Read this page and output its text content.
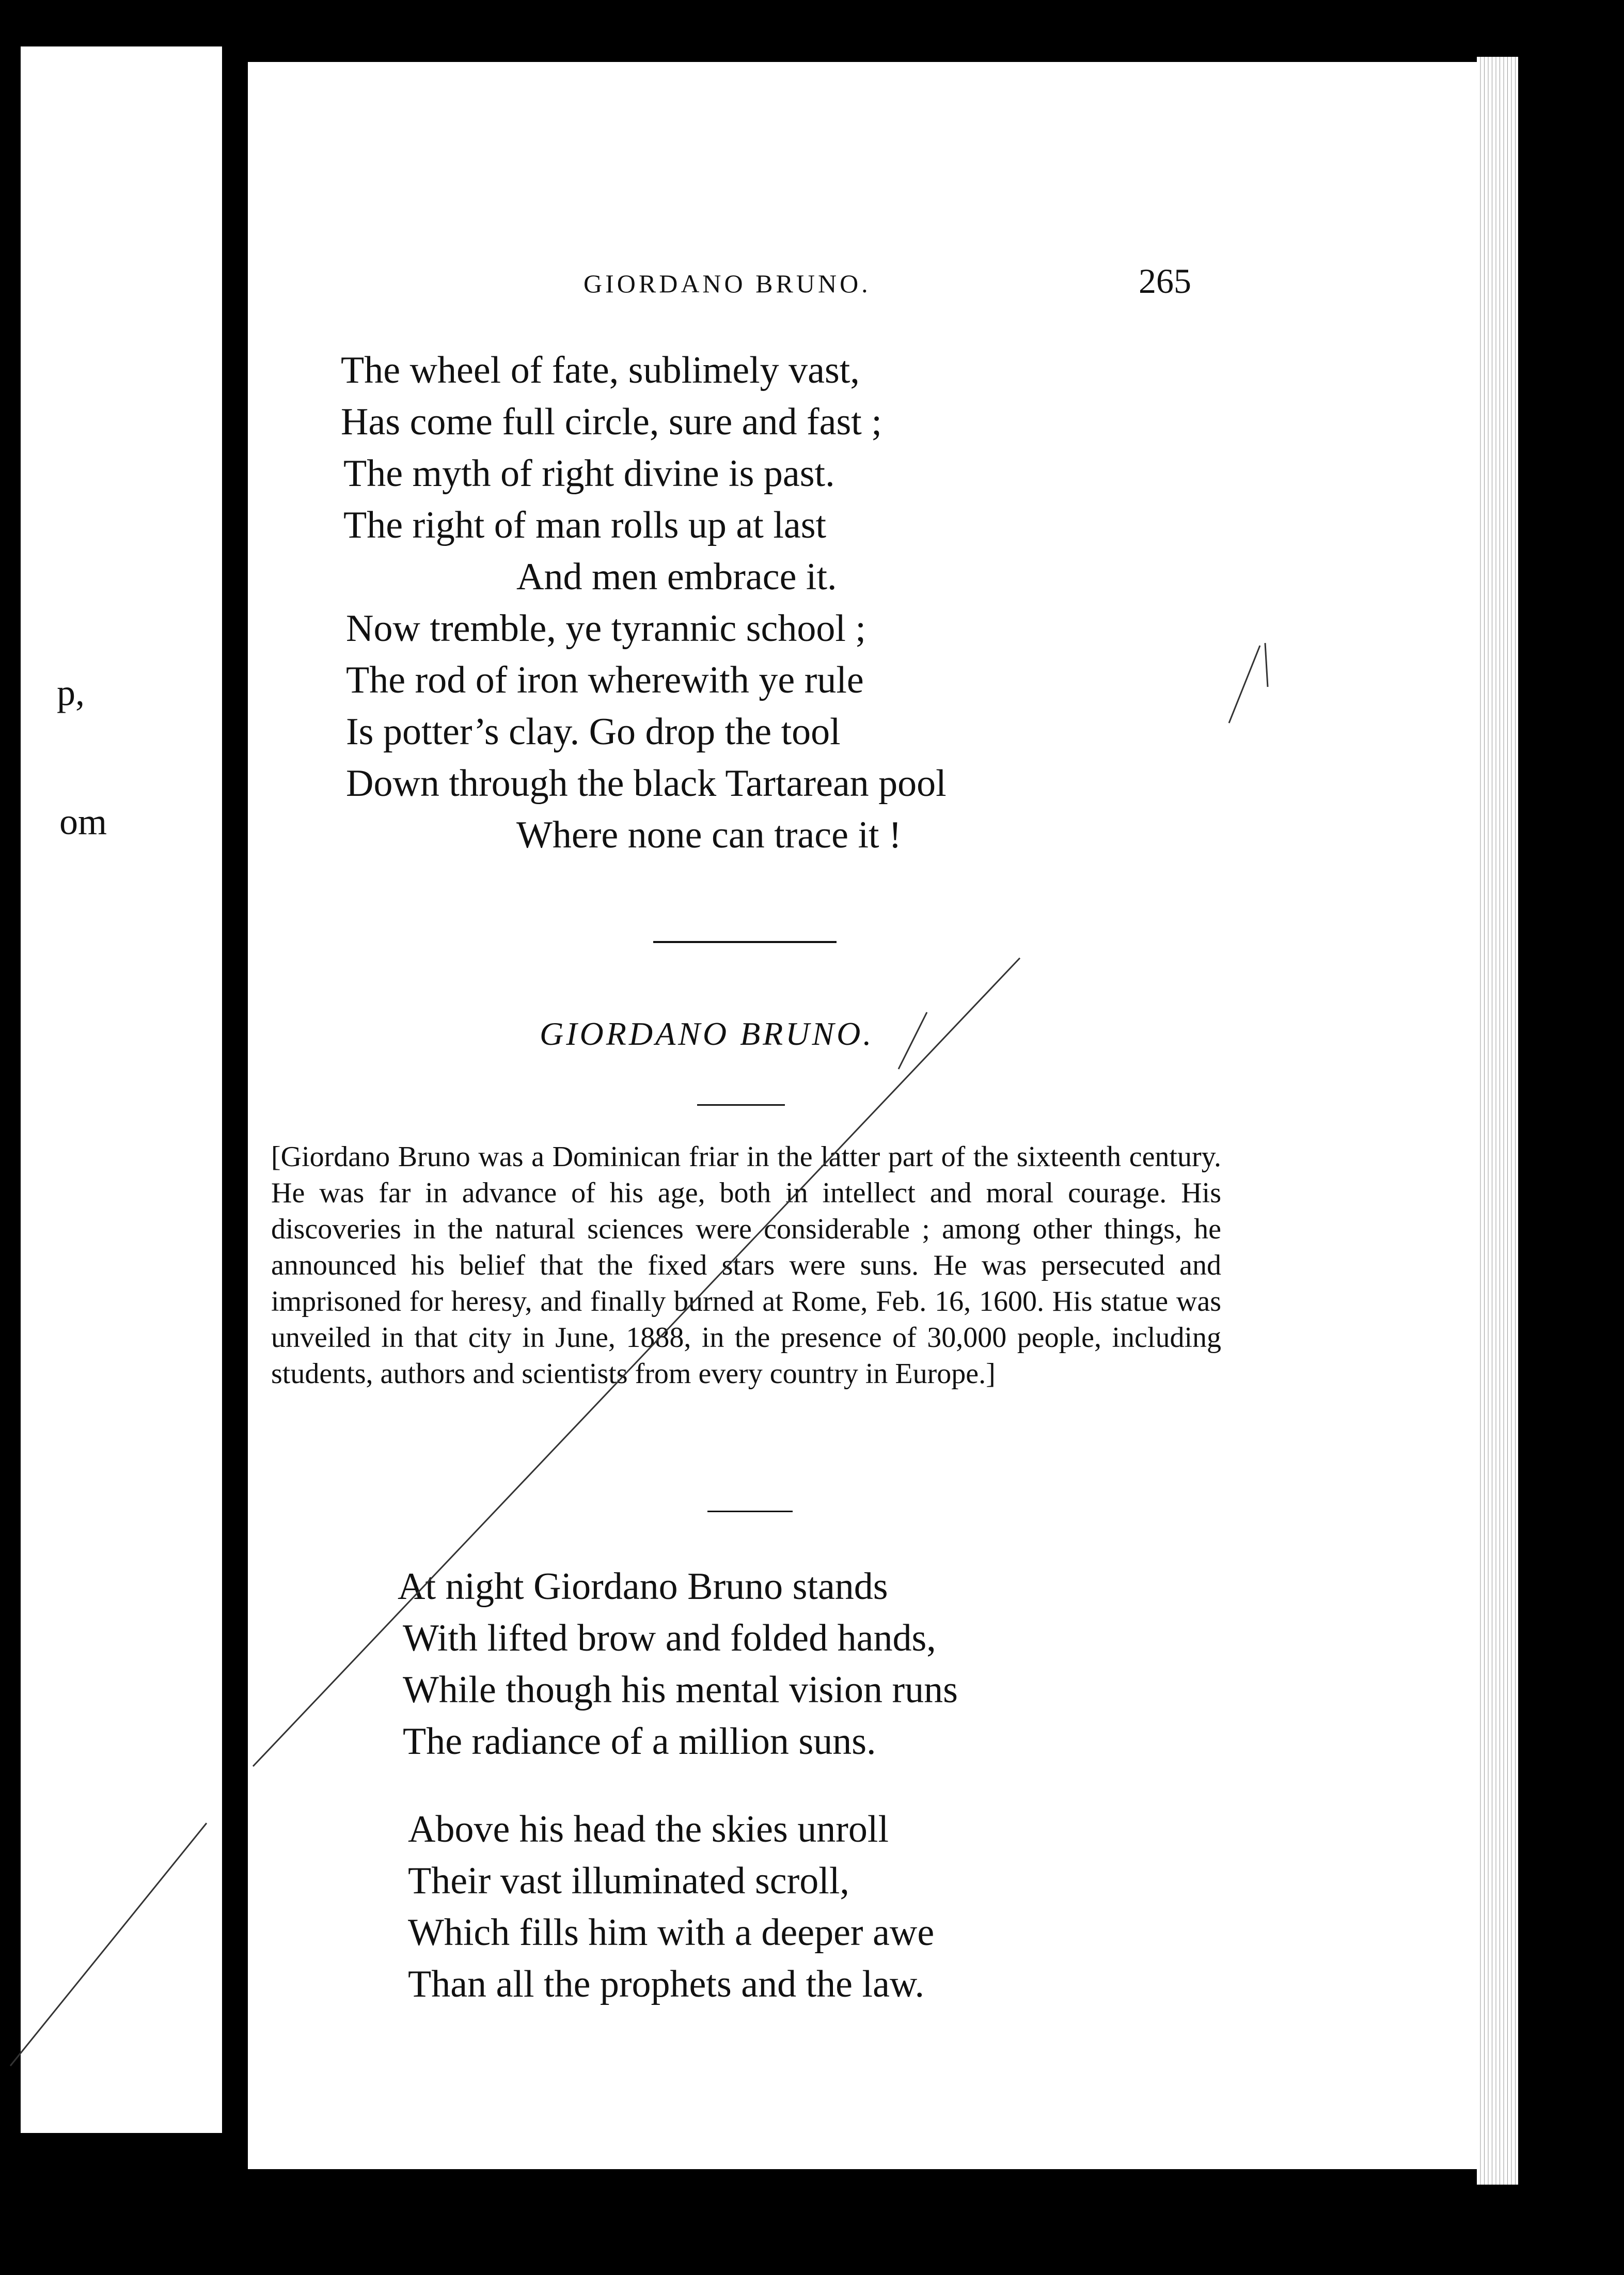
p,
om
GIORDANO BRUNO.	265
The wheel of fate, sublimely vast,
Has come full circle, sure and fast ;
The myth of right divine is past.
The right of man rolls up at last
And men embrace it.
Now tremble, ye tyrannic school ;
The rod of iron wherewith ye rule
Is potter’s clay. Go drop the tool
Down through the black Tartarean pool
Where none can trace it !
GIORDANO BRUNO.
[Giordano Bruno was a Dominican friar in the latter part of the sixteenth century. He was far in advance of his age, both in intellect and moral courage. His discoveries in the natural sciences were considerable ; among other things, he announced his belief that the fixed stars were suns. He was persecuted and imprisoned for heresy, and finally burned at Rome, Feb. 16, 1600. His statue was unveiled in that city in June, 1888, in the presence of 30,000 people, including students, authors and scientists from every country in Europe.]
At night Giordano Bruno stands
With lifted brow and folded hands,
While though his mental vision runs
The radiance of a million suns.
Above his head the skies unroll
Their vast illuminated scroll,
Which fills him with a deeper awe
Than all the prophets and the law.
